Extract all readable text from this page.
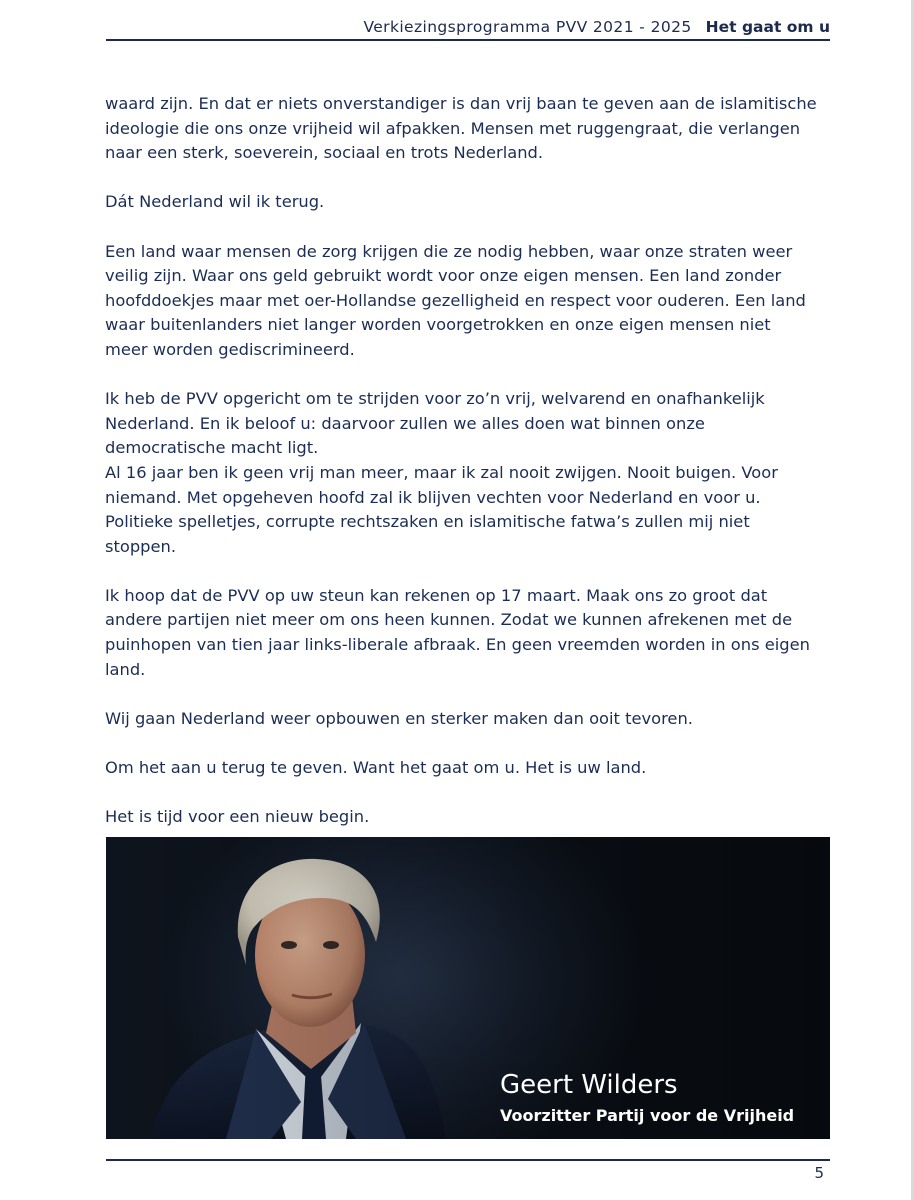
Verkiezingsprogramma PVV 2021 - 2025 Het gaat om u

waard zijn. En dat er niets onverstandiger is dan vrij baan te geven aan de islamitische ideologie die ons onze vrijheid wil afpakken. Mensen met ruggengraat, die verlangen naar een sterk, soeverein, sociaal en trots Nederland.

Dát Nederland wil ik terug.

Een land waar mensen de zorg krijgen die ze nodig hebben, waar onze straten weer veilig zijn. Waar ons geld gebruikt wordt voor onze eigen mensen. Een land zonder hoofddoekjes maar met oer-Hollandse gezelligheid en respect voor ouderen. Een land waar buitenlanders niet langer worden voorgetrokken en onze eigen mensen niet meer worden gediscrimineerd.

Ik heb de PVV opgericht om te strijden voor zo’n vrij, welvarend en onafhankelijk Nederland. En ik beloof u: daarvoor zullen we alles doen wat binnen onze democratische macht ligt.

Al 16 jaar ben ik geen vrij man meer, maar ik zal nooit zwijgen. Nooit buigen. Voor niemand. Met opgeheven hoofd zal ik blijven vechten voor Nederland en voor u. Politieke spelletjes, corrupte rechtszaken en islamitische fatwa’s zullen mij niet stoppen.

Ik hoop dat de PVV op uw steun kan rekenen op 17 maart. Maak ons zo groot dat andere partijen niet meer om ons heen kunnen. Zodat we kunnen afrekenen met de puinhopen van tien jaar links-liberale afbraak. En geen vreemden worden in ons eigen land.

Wij gaan Nederland weer opbouwen en sterker maken dan ooit tevoren.

Om het aan u terug te geven. Want het gaat om u. Het is uw land.

Het is tijd voor een nieuw begin.

Geert Wilders
Voorzitter Partij voor de Vrijheid
5
